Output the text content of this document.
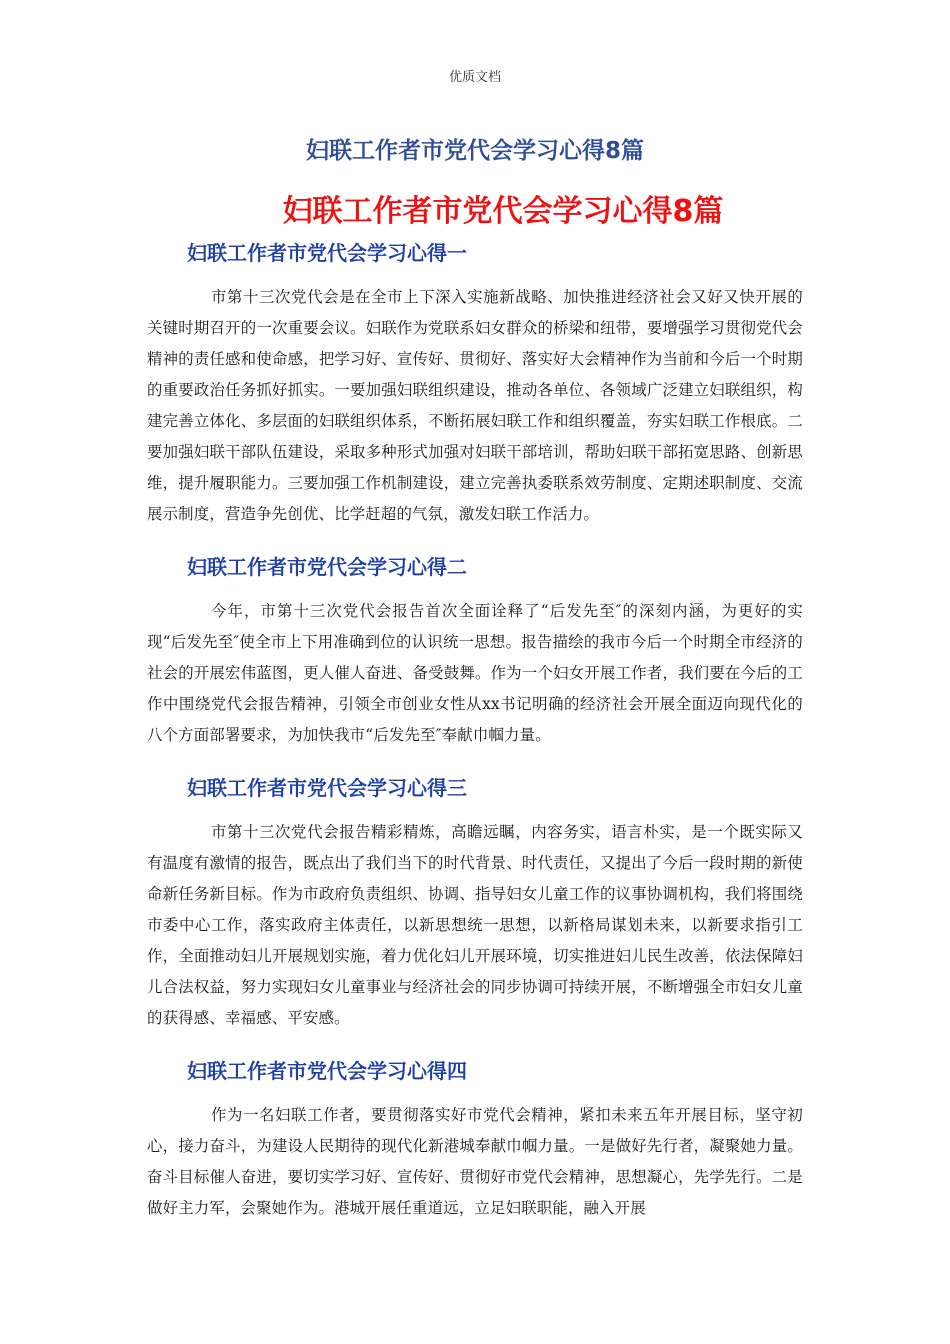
优质文档
妇联工作者市党代会学习心得8篇
妇联工作者市党代会学习心得8篇
妇联工作者市党代会学习心得一

市第十三次党代会是在全市上下深入实施新战略、加快推进经济社会又好又快开展的关键时期召开的一次重要会议。妇联作为党联系妇女群众的桥梁和纽带，要增强学习贯彻党代会精神的责任感和使命感，把学习好、宣传好、贯彻好、落实好大会精神作为当前和今后一个时期的重要政治任务抓好抓实。一要加强妇联组织建设，推动各单位、各领域广泛建立妇联组织，构建完善立体化、多层面的妇联组织体系，不断拓展妇联工作和组织覆盖，夯实妇联工作根底。二要加强妇联干部队伍建设，采取多种形式加强对妇联干部培训，帮助妇联干部拓宽思路、创新思维，提升履职能力。三要加强工作机制建设，建立完善执委联系效劳制度、定期述职制度、交流展示制度，营造争先创优、比学赶超的气氛，激发妇联工作活力。

妇联工作者市党代会学习心得二

今年，市第十三次党代会报告首次全面诠释了“后发先至″的深刻内涵，为更好的实现“后发先至″使全市上下用准确到位的认识统一思想。报告描绘的我市今后一个时期全市经济的社会的开展宏伟蓝图，更人催人奋进、备受鼓舞。作为一个妇女开展工作者，我们要在今后的工作中围绕党代会报告精神，引领全市创业女性从xx书记明确的经济社会开展全面迈向现代化的八个方面部署要求，为加快我市“后发先至″奉献巾帼力量。

妇联工作者市党代会学习心得三

市第十三次党代会报告精彩精炼，高瞻远瞩，内容务实，语言朴实，是一个既实际又有温度有激情的报告，既点出了我们当下的时代背景、时代责任，又提出了今后一段时期的新使命新任务新目标。作为市政府负责组织、协调、指导妇女儿童工作的议事协调机构，我们将围绕市委中心工作，落实政府主体责任，以新思想统一思想，以新格局谋划未来，以新要求指引工作，全面推动妇儿开展规划实施，着力优化妇儿开展环境，切实推进妇儿民生改善，依法保障妇儿合法权益，努力实现妇女儿童事业与经济社会的同步协调可持续开展，不断增强全市妇女儿童的获得感、幸福感、平安感。

妇联工作者市党代会学习心得四

作为一名妇联工作者，要贯彻落实好市党代会精神，紧扣未来五年开展目标，坚守初心，接力奋斗，为建设人民期待的现代化新港城奉献巾帼力量。一是做好先行者，凝聚她力量。奋斗目标催人奋进，要切实学习好、宣传好、贯彻好市党代会精神，思想凝心，先学先行。二是做好主力军，会聚她作为。港城开展任重道远，立足妇联职能，融入开展
